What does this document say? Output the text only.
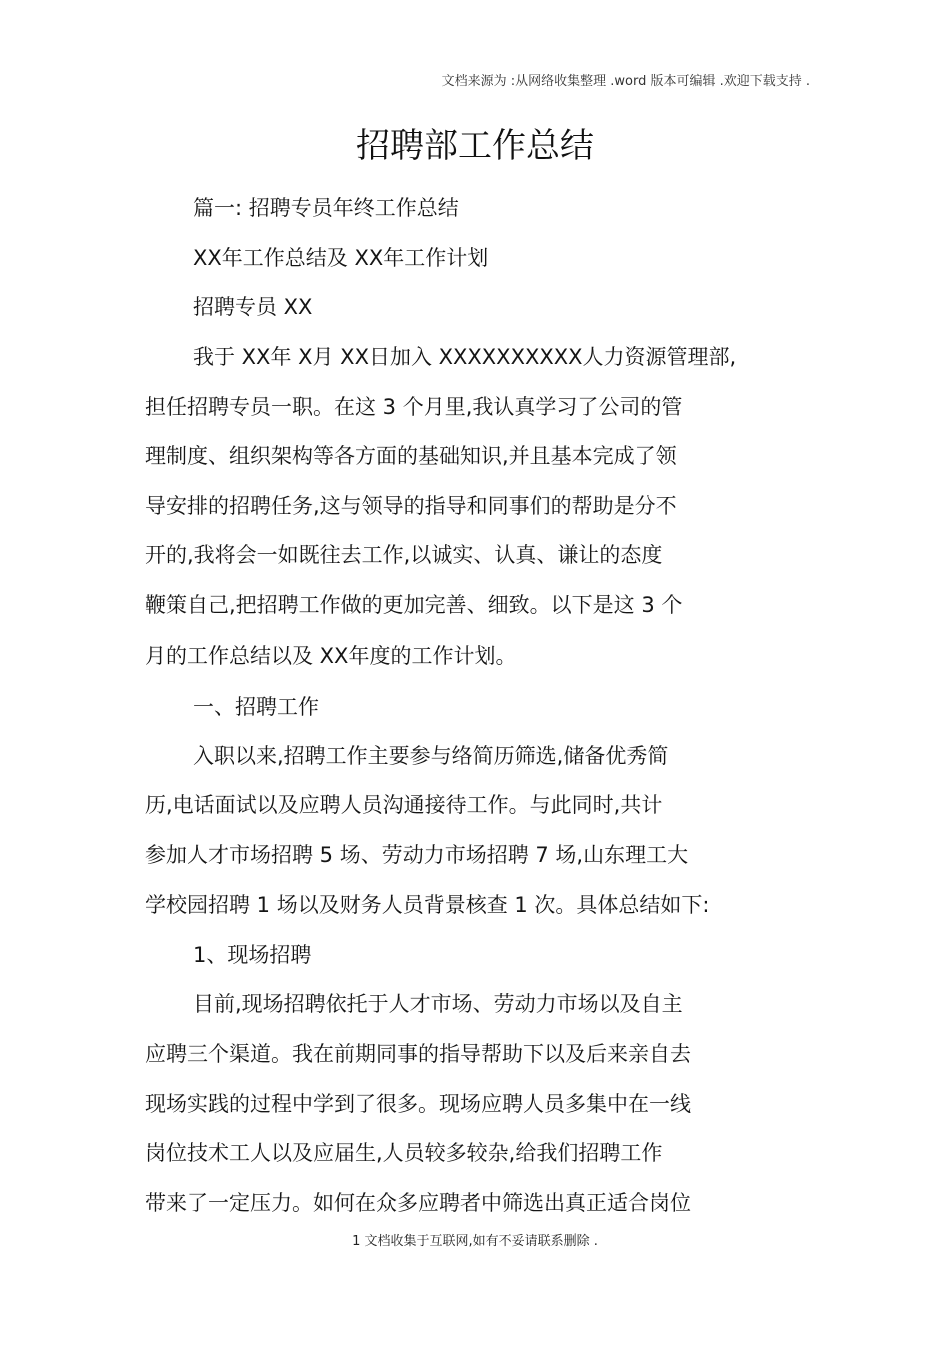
文档来源为 :从网络收集整理 .word 版本可编辑 .欢迎下载支持 .
招聘部工作总结
篇一: 招聘专员年终工作总结
XX年工作总结及 XX年工作计划
招聘专员 XX
我于 XX年 X月 XX日加入 XXXXXXXXXX人力资源管理部,
担任招聘专员一职。在这 3 个月里,我认真学习了公司的管
理制度、组织架构等各方面的基础知识,并且基本完成了领
导安排的招聘任务,这与领导的指导和同事们的帮助是分不
开的,我将会一如既往去工作,以诚实、认真、谦让的态度
鞭策自己,把招聘工作做的更加完善、细致。以下是这 3 个
月的工作总结以及 XX年度的工作计划。
一、招聘工作
入职以来,招聘工作主要参与络简历筛选,储备优秀简
历,电话面试以及应聘人员沟通接待工作。与此同时,共计
参加人才市场招聘 5 场、劳动力市场招聘 7 场,山东理工大
学校园招聘 1 场以及财务人员背景核查 1 次。具体总结如下:
1、现场招聘
目前,现场招聘依托于人才市场、劳动力市场以及自主
应聘三个渠道。我在前期同事的指导帮助下以及后来亲自去
现场实践的过程中学到了很多。现场应聘人员多集中在一线
岗位技术工人以及应届生,人员较多较杂,给我们招聘工作
带来了一定压力。如何在众多应聘者中筛选出真正适合岗位
1 文档收集于互联网,如有不妥请联系删除 .
